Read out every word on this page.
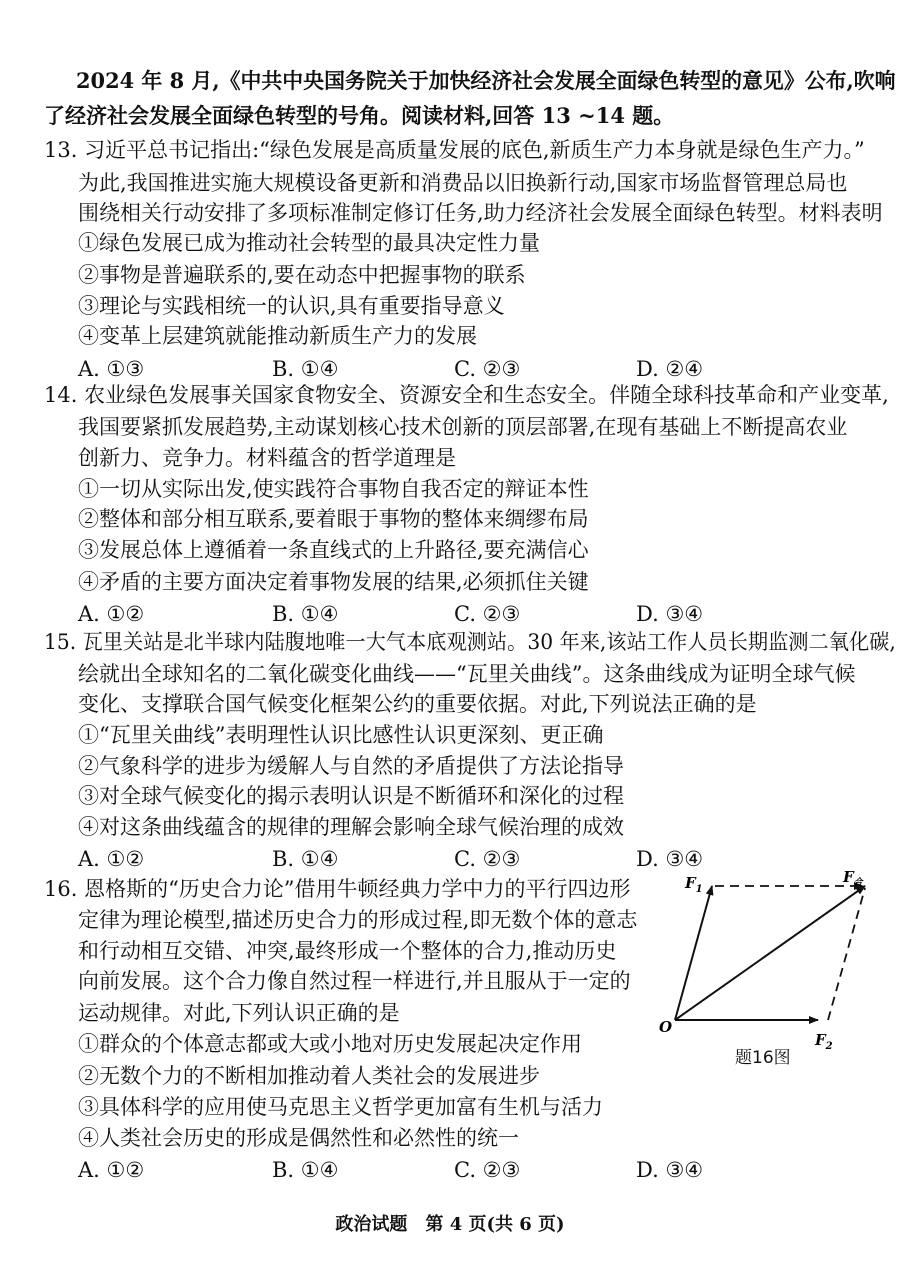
2024 年 8 月,《中共中央国务院关于加快经济社会发展全面绿色转型的意见》公布,吹响
了经济社会发展全面绿色转型的号角。阅读材料,回答 13 ~14 题。
13. 习近平总书记指出:“绿色发展是高质量发展的底色,新质生产力本身就是绿色生产力。”
为此,我国推进实施大规模设备更新和消费品以旧换新行动,国家市场监督管理总局也
围绕相关行动安排了多项标准制定修订任务,助力经济社会发展全面绿色转型。材料表明
①绿色发展已成为推动社会转型的最具决定性力量
②事物是普遍联系的,要在动态中把握事物的联系
③理论与实践相统一的认识,具有重要指导意义
④变革上层建筑就能推动新质生产力的发展
A. ①③	B. ①④	C. ②③	D. ②④
14. 农业绿色发展事关国家食物安全、资源安全和生态安全。伴随全球科技革命和产业变革,
我国要紧抓发展趋势,主动谋划核心技术创新的顶层部署,在现有基础上不断提高农业
创新力、竞争力。材料蕴含的哲学道理是
①一切从实际出发,使实践符合事物自我否定的辩证本性
②整体和部分相互联系,要着眼于事物的整体来绸缪布局
③发展总体上遵循着一条直线式的上升路径,要充满信心
④矛盾的主要方面决定着事物发展的结果,必须抓住关键
A. ①②	B. ①④	C. ②③	D. ③④
15. 瓦里关站是北半球内陆腹地唯一大气本底观测站。30 年来,该站工作人员长期监测二氧化碳,
绘就出全球知名的二氧化碳变化曲线——“瓦里关曲线”。这条曲线成为证明全球气候
变化、支撑联合国气候变化框架公约的重要依据。对此,下列说法正确的是
①“瓦里关曲线”表明理性认识比感性认识更深刻、更正确
②气象科学的进步为缓解人与自然的矛盾提供了方法论指导
③对全球气候变化的揭示表明认识是不断循环和深化的过程
④对这条曲线蕴含的规律的理解会影响全球气候治理的成效
A. ①②	B. ①④	C. ②③	D. ③④
16. 恩格斯的“历史合力论”借用牛顿经典力学中力的平行四边形
定律为理论模型,描述历史合力的形成过程,即无数个体的意志
和行动相互交错、冲突,最终形成一个整体的合力,推动历史
向前发展。这个合力像自然过程一样进行,并且服从于一定的
运动规律。对此,下列认识正确的是
①群众的个体意志都或大或小地对历史发展起决定作用
②无数个力的不断相加推动着人类社会的发展进步
③具体科学的应用使马克思主义哲学更加富有生机与活力
④人类社会历史的形成是偶然性和必然性的统一
A. ①②	B. ①④	C. ②③	D. ③④
$F_1$
$F_2$
$F_合$
O
题16图
政治试题　第 4 页(共 6 页)
